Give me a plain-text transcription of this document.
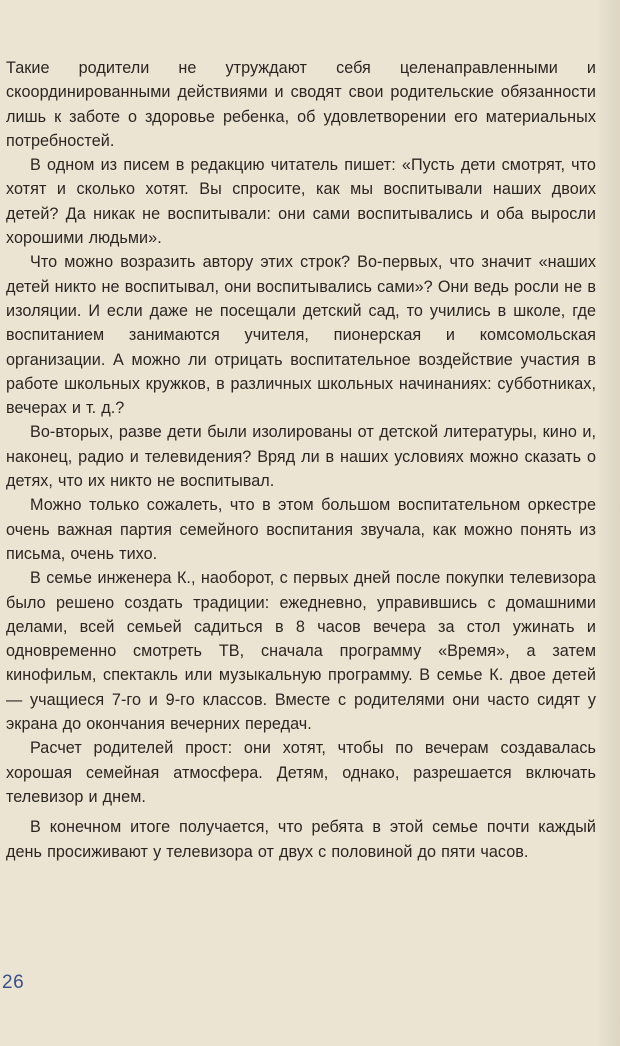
Такие родители не утруждают себя целенаправленными и скоординированными действиями и сводят свои родительские обязанности лишь к заботе о здоровье ребенка, об удовлетворении его материальных потребностей.

В одном из писем в редакцию читатель пишет: «Пусть дети смотрят, что хотят и сколько хотят. Вы спросите, как мы воспитывали наших двоих детей? Да никак не воспитывали: они сами воспитывались и оба выросли хорошими людьми».

Что можно возразить автору этих строк? Во-первых, что значит «наших детей никто не воспитывал, они воспитывались сами»? Они ведь росли не в изоляции. И если даже не посещали детский сад, то учились в школе, где воспитанием занимаются учителя, пионерская и комсомольская организации. А можно ли отрицать воспитательное воздействие участия в работе школьных кружков, в различных школьных начинаниях: субботниках, вечерах и т. д.?

Во-вторых, разве дети были изолированы от детской литературы, кино и, наконец, радио и телевидения? Вряд ли в наших условиях можно сказать о детях, что их никто не воспитывал.

Можно только сожалеть, что в этом большом воспитательном оркестре очень важная партия семейного воспитания звучала, как можно понять из письма, очень тихо.

В семье инженера К., наоборот, с первых дней после покупки телевизора было решено создать традиции: ежедневно, управившись с домашними делами, всей семьей садиться в 8 часов вечера за стол ужинать и одновременно смотреть ТВ, сначала программу «Время», а затем кинофильм, спектакль или музыкальную программу. В семье К. двое детей — учащиеся 7-го и 9-го классов. Вместе с родителями они часто сидят у экрана до окончания вечерних передач.

Расчет родителей прост: они хотят, чтобы по вечерам создавалась хорошая семейная атмосфера. Детям, однако, разрешается включать телевизор и днем.

В конечном итоге получается, что ребята в этой семье почти каждый день просиживают у телевизора от двух с половиной до пяти часов.

26
